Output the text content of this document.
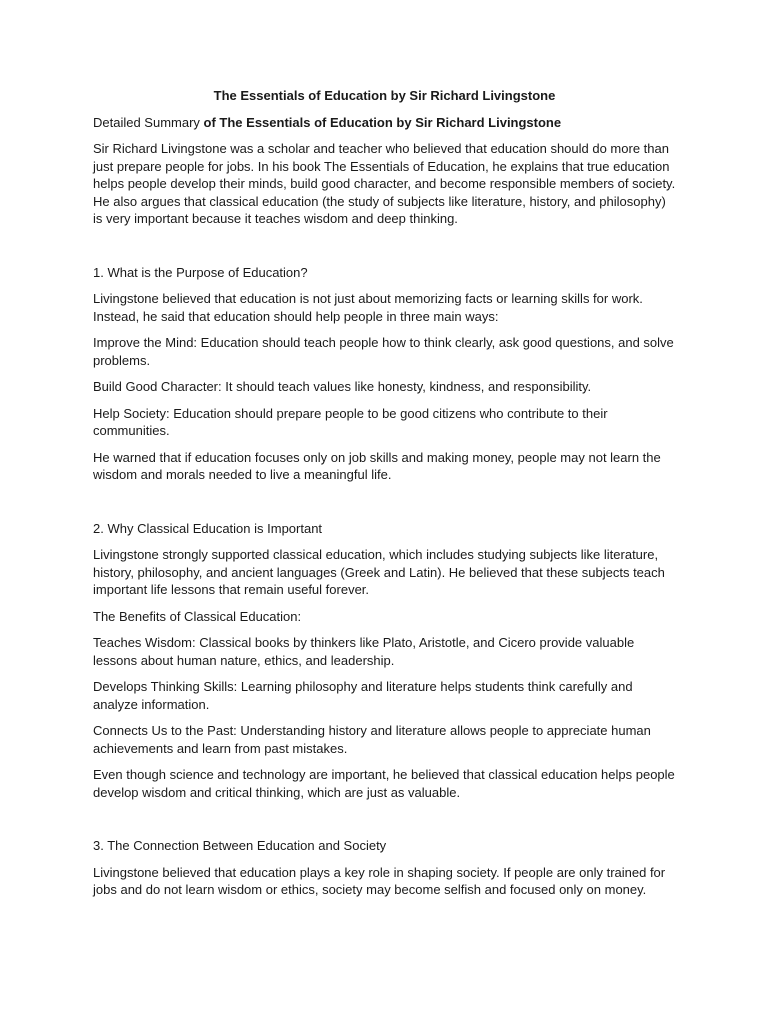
The Essentials of Education by Sir Richard Livingstone

Detailed Summary of The Essentials of Education by Sir Richard Livingstone

Sir Richard Livingstone was a scholar and teacher who believed that education should do more than just prepare people for jobs. In his book The Essentials of Education, he explains that true education helps people develop their minds, build good character, and become responsible members of society. He also argues that classical education (the study of subjects like literature, history, and philosophy) is very important because it teaches wisdom and deep thinking.

1. What is the Purpose of Education?

Livingstone believed that education is not just about memorizing facts or learning skills for work. Instead, he said that education should help people in three main ways:

Improve the Mind: Education should teach people how to think clearly, ask good questions, and solve problems.

Build Good Character: It should teach values like honesty, kindness, and responsibility.

Help Society: Education should prepare people to be good citizens who contribute to their communities.

He warned that if education focuses only on job skills and making money, people may not learn the wisdom and morals needed to live a meaningful life.

2. Why Classical Education is Important

Livingstone strongly supported classical education, which includes studying subjects like literature, history, philosophy, and ancient languages (Greek and Latin). He believed that these subjects teach important life lessons that remain useful forever.

The Benefits of Classical Education:

Teaches Wisdom: Classical books by thinkers like Plato, Aristotle, and Cicero provide valuable lessons about human nature, ethics, and leadership.

Develops Thinking Skills: Learning philosophy and literature helps students think carefully and analyze information.

Connects Us to the Past: Understanding history and literature allows people to appreciate human achievements and learn from past mistakes.

Even though science and technology are important, he believed that classical education helps people develop wisdom and critical thinking, which are just as valuable.

3. The Connection Between Education and Society

Livingstone believed that education plays a key role in shaping society. If people are only trained for jobs and do not learn wisdom or ethics, society may become selfish and focused only on money.
